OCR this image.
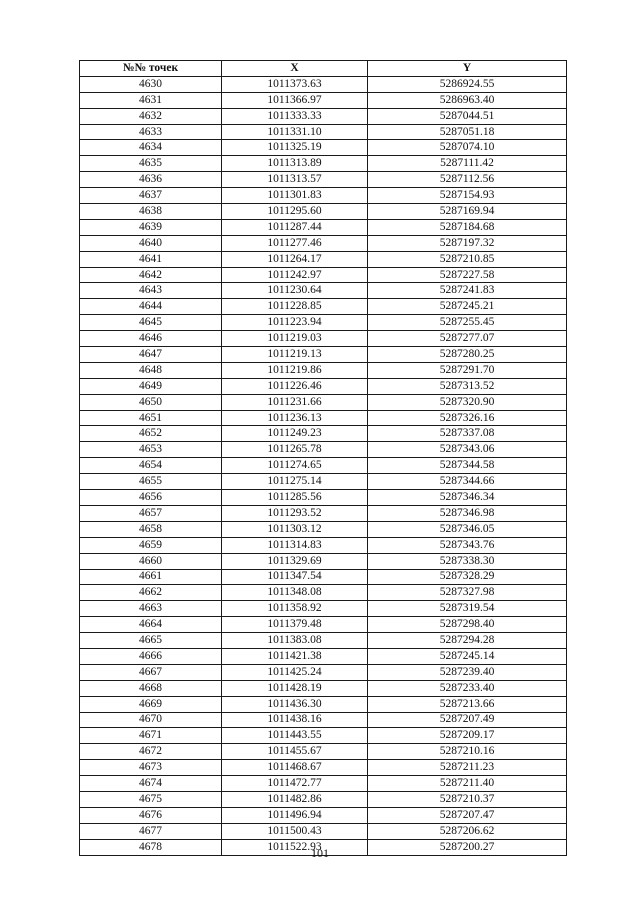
№№ точек	X	Y
4630	1011373.63	5286924.55
4631	1011366.97	5286963.40
4632	1011333.33	5287044.51
4633	1011331.10	5287051.18
4634	1011325.19	5287074.10
4635	1011313.89	5287111.42
4636	1011313.57	5287112.56
4637	1011301.83	5287154.93
4638	1011295.60	5287169.94
4639	1011287.44	5287184.68
4640	1011277.46	5287197.32
4641	1011264.17	5287210.85
4642	1011242.97	5287227.58
4643	1011230.64	5287241.83
4644	1011228.85	5287245.21
4645	1011223.94	5287255.45
4646	1011219.03	5287277.07
4647	1011219.13	5287280.25
4648	1011219.86	5287291.70
4649	1011226.46	5287313.52
4650	1011231.66	5287320.90
4651	1011236.13	5287326.16
4652	1011249.23	5287337.08
4653	1011265.78	5287343.06
4654	1011274.65	5287344.58
4655	1011275.14	5287344.66
4656	1011285.56	5287346.34
4657	1011293.52	5287346.98
4658	1011303.12	5287346.05
4659	1011314.83	5287343.76
4660	1011329.69	5287338.30
4661	1011347.54	5287328.29
4662	1011348.08	5287327.98
4663	1011358.92	5287319.54
4664	1011379.48	5287298.40
4665	1011383.08	5287294.28
4666	1011421.38	5287245.14
4667	1011425.24	5287239.40
4668	1011428.19	5287233.40
4669	1011436.30	5287213.66
4670	1011438.16	5287207.49
4671	1011443.55	5287209.17
4672	1011455.67	5287210.16
4673	1011468.67	5287211.23
4674	1011472.77	5287211.40
4675	1011482.86	5287210.37
4676	1011496.94	5287207.47
4677	1011500.43	5287206.62
4678	1011522.93	5287200.27
101
